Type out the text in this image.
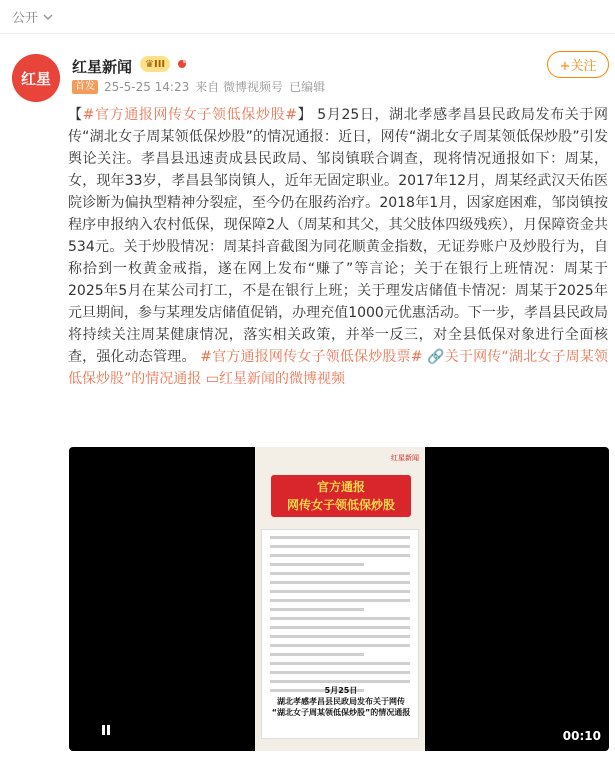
公开
红星
红星新闻 ♛ III
首发 25-5-25 14:23 来自 微博视频号 已编辑
+关注
【#官方通报网传女子领低保炒股#】 5月25日，湖北孝感孝昌县民政局发布关于网传“湖北女子周某领低保炒股”的情况通报：近日，网传“湖北女子周某领低保炒股”引发舆论关注。孝昌县迅速责成县民政局、邹岗镇联合调查，现将情况通报如下：周某，女，现年33岁，孝昌县邹岗镇人，近年无固定职业。2017年12月，周某经武汉天佑医院诊断为偏执型精神分裂症，至今仍在服药治疗。2018年1月，因家庭困难，邹岗镇按程序申报纳入农村低保，现保障2人（周某和其父，其父肢体四级残疾），月保障资金共534元。关于炒股情况：周某抖音截图为同花顺黄金指数，无证券账户及炒股行为，自称拾到一枚黄金戒指，遂在网上发布“赚了”等言论；关于在银行上班情况：周某于2025年5月在某公司打工，不是在银行上班；关于理发店储值卡情况：周某于2025年元旦期间，参与某理发店储值促销，办理充值1000元优惠活动。下一步，孝昌县民政局将持续关注周某健康情况，落实相关政策，并举一反三，对全县低保对象进行全面核查，强化动态管理。 #官方通报网传女子领低保炒股票# 🔗关于网传“湖北女子周某领低保炒股”的情况通报 ▭红星新闻的微博视频
红星新闻
官方通报
网传女子领低保炒股
5月25日
湖北孝感孝昌县民政局发布关于网传
“湖北女子周某领低保炒股”的情况通报
00:10
